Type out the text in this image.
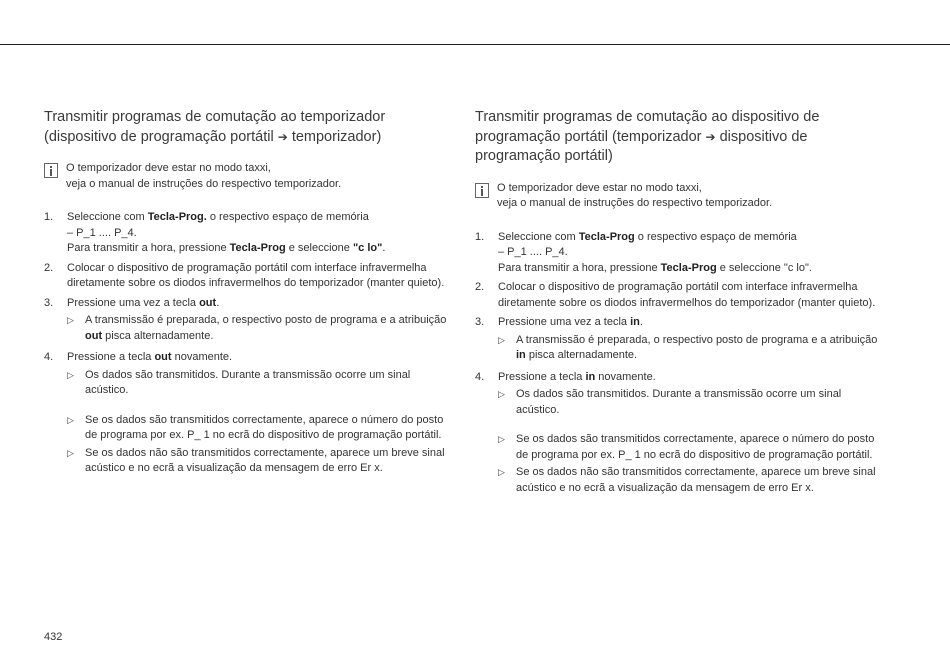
Transmitir programas de comutação ao temporizador
(dispositivo de programação portátil ➔ temporizador)
O temporizador deve estar no modo taxxi,
veja o manual de instruções do respectivo temporizador.
1.	Seleccione com Tecla-Prog. o respectivo espaço de memória
– P_1 .... P_4.
Para transmitir a hora, pressione Tecla-Prog e seleccione "c lo".
2.	Colocar o dispositivo de programação portátil com interface infravermelha
diretamente sobre os diodos infravermelhos do temporizador (manter quieto).
3.	Pressione uma vez a tecla out.
▷	A transmissão é preparada, o respectivo posto de programa e a atribuição
out pisca alternadamente.
4.	Pressione a tecla out novamente.
▷	Os dados são transmitidos. Durante a transmissão ocorre um sinal
acústico.
▷	Se os dados são transmitidos correctamente, aparece o número do posto
de programa por ex. P_ 1 no ecrã do dispositivo de programação portátil.
▷	Se os dados não são transmitidos correctamente, aparece um breve sinal
acústico e no ecrã a visualização da mensagem de erro Er x.
Transmitir programas de comutação ao dispositivo de
programação portátil (temporizador ➔ dispositivo de
programação portátil)
O temporizador deve estar no modo taxxi,
veja o manual de instruções do respectivo temporizador.
1.	Seleccione com Tecla-Prog o respectivo espaço de memória
– P_1 .... P_4.
Para transmitir a hora, pressione Tecla-Prog e seleccione "c lo".
2.	Colocar o dispositivo de programação portátil com interface infravermelha
diretamente sobre os diodos infravermelhos do temporizador (manter quieto).
3.	Pressione uma vez a tecla in.
▷	A transmissão é preparada, o respectivo posto de programa e a atribuição
in pisca alternadamente.
4.	Pressione a tecla in novamente.
▷	Os dados são transmitidos. Durante a transmissão ocorre um sinal
acústico.
▷	Se os dados são transmitidos correctamente, aparece o número do posto
de programa por ex. P_ 1 no ecrã do dispositivo de programação portátil.
▷	Se os dados não são transmitidos correctamente, aparece um breve sinal
acústico e no ecrã a visualização da mensagem de erro Er x.
432
